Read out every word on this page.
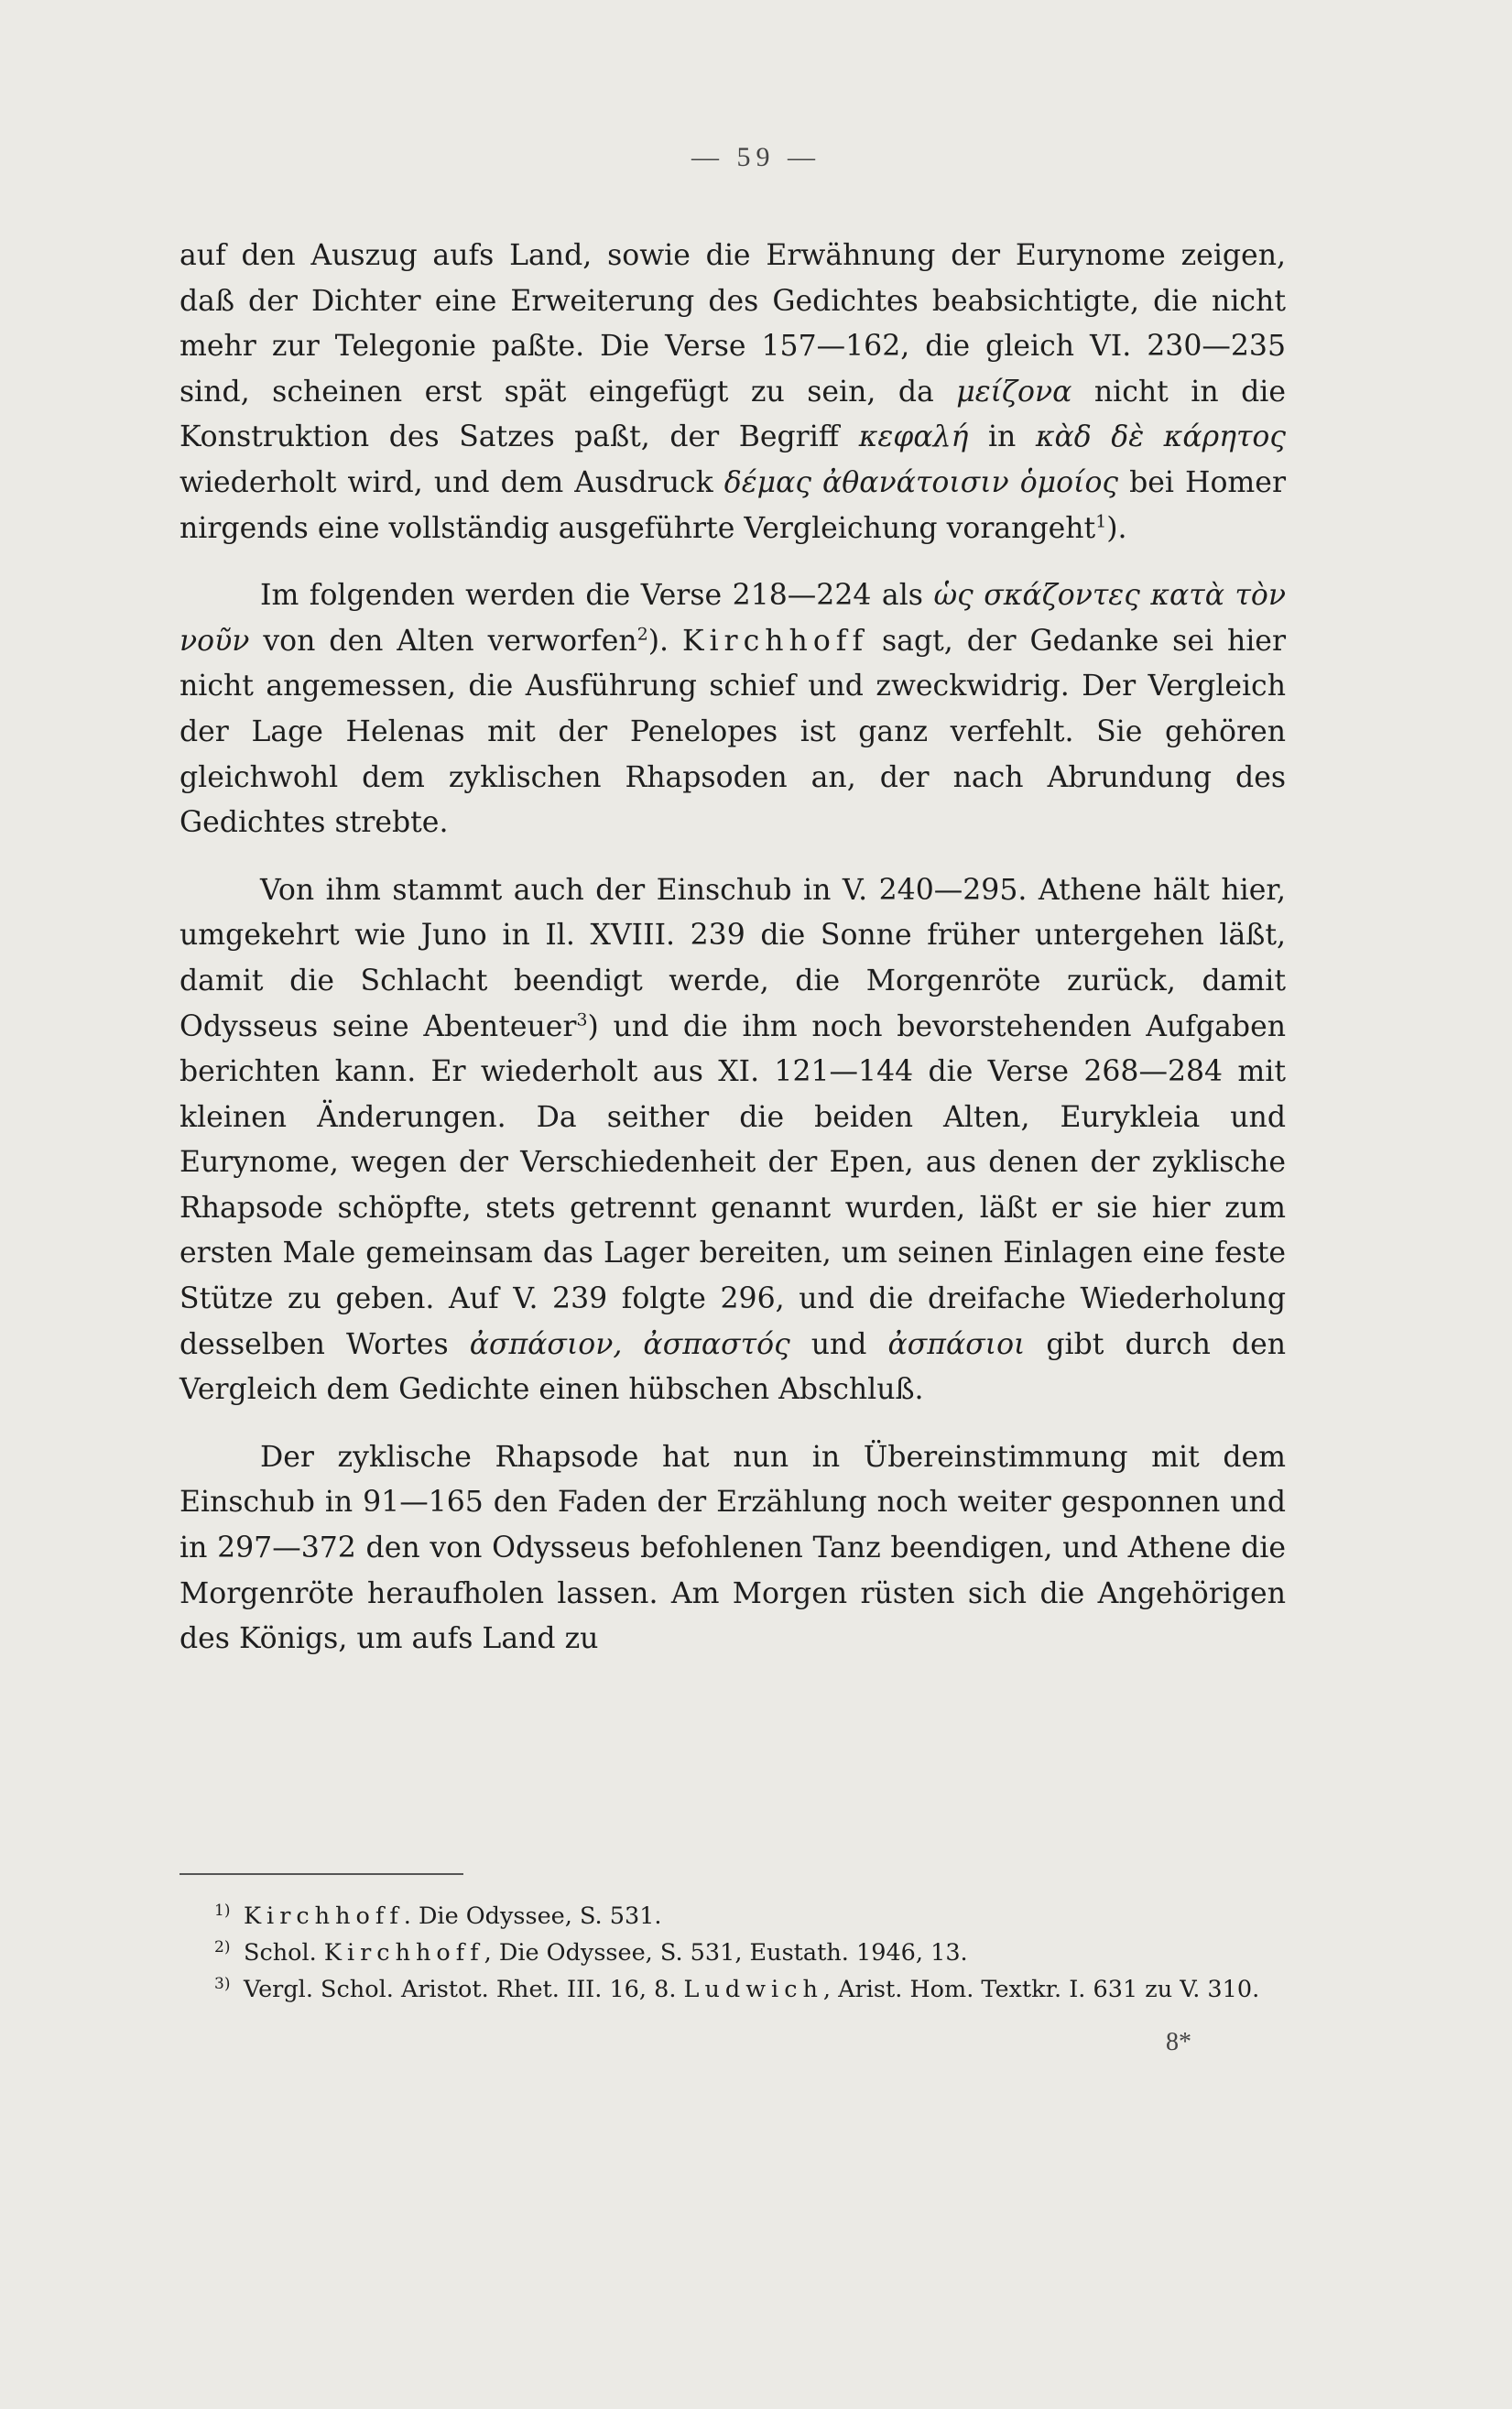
— 59 —

auf den Auszug aufs Land, sowie die Erwähnung der Eurynome zeigen, daß der Dichter eine Erweiterung des Gedichtes beabsichtigte, die nicht mehr zur Telegonie paßte. Die Verse 157—162, die gleich VI. 230—235 sind, scheinen erst spät eingefügt zu sein, da μείζονα nicht in die Konstruktion des Satzes paßt, der Begriff κεφαλή in κὰδ δὲ κάρητος wiederholt wird, und dem Ausdruck δέμας ἀθανάτοισιν ὁμοίος bei Homer nirgends eine vollständig ausgeführte Vergleichung vorangeht$^1$).

Im folgenden werden die Verse 218—224 als ὡς σκάζοντες κατὰ τὸν νοῦν von den Alten verworfen$^2$). Kirchhoff sagt, der Gedanke sei hier nicht angemessen, die Ausführung schief und zweckwidrig. Der Vergleich der Lage Helenas mit der Penelopes ist ganz verfehlt. Sie gehören gleichwohl dem zyklischen Rhapsoden an, der nach Abrundung des Gedichtes strebte.

Von ihm stammt auch der Einschub in V. 240—295. Athene hält hier, umgekehrt wie Juno in Il. XVIII. 239 die Sonne früher untergehen läßt, damit die Schlacht beendigt werde, die Morgenröte zurück, damit Odysseus seine Abenteuer$^3$) und die ihm noch bevorstehenden Aufgaben berichten kann. Er wiederholt aus XI. 121—144 die Verse 268—284 mit kleinen Änderungen. Da seither die beiden Alten, Eurykleia und Eurynome, wegen der Verschiedenheit der Epen, aus denen der zyklische Rhapsode schöpfte, stets getrennt genannt wurden, läßt er sie hier zum ersten Male gemeinsam das Lager bereiten, um seinen Einlagen eine feste Stütze zu geben. Auf V. 239 folgte 296, und die dreifache Wiederholung desselben Wortes ἀσπάσιον, ἀσπαστός und ἀσπάσιοι gibt durch den Vergleich dem Gedichte einen hübschen Abschluß.

Der zyklische Rhapsode hat nun in Übereinstimmung mit dem Einschub in 91—165 den Faden der Erzählung noch weiter gesponnen und in 297—372 den von Odysseus befohlenen Tanz beendigen, und Athene die Morgenröte heraufholen lassen. Am Morgen rüsten sich die Angehörigen des Königs, um aufs Land zu

1) Kirchhoff. Die Odyssee, S. 531.
2) Schol. Kirchhoff, Die Odyssee, S. 531, Eustath. 1946, 13.
3) Vergl. Schol. Aristot. Rhet. III. 16, 8. Ludwich, Arist. Hom. Textkr. I. 631 zu V. 310.
8*
